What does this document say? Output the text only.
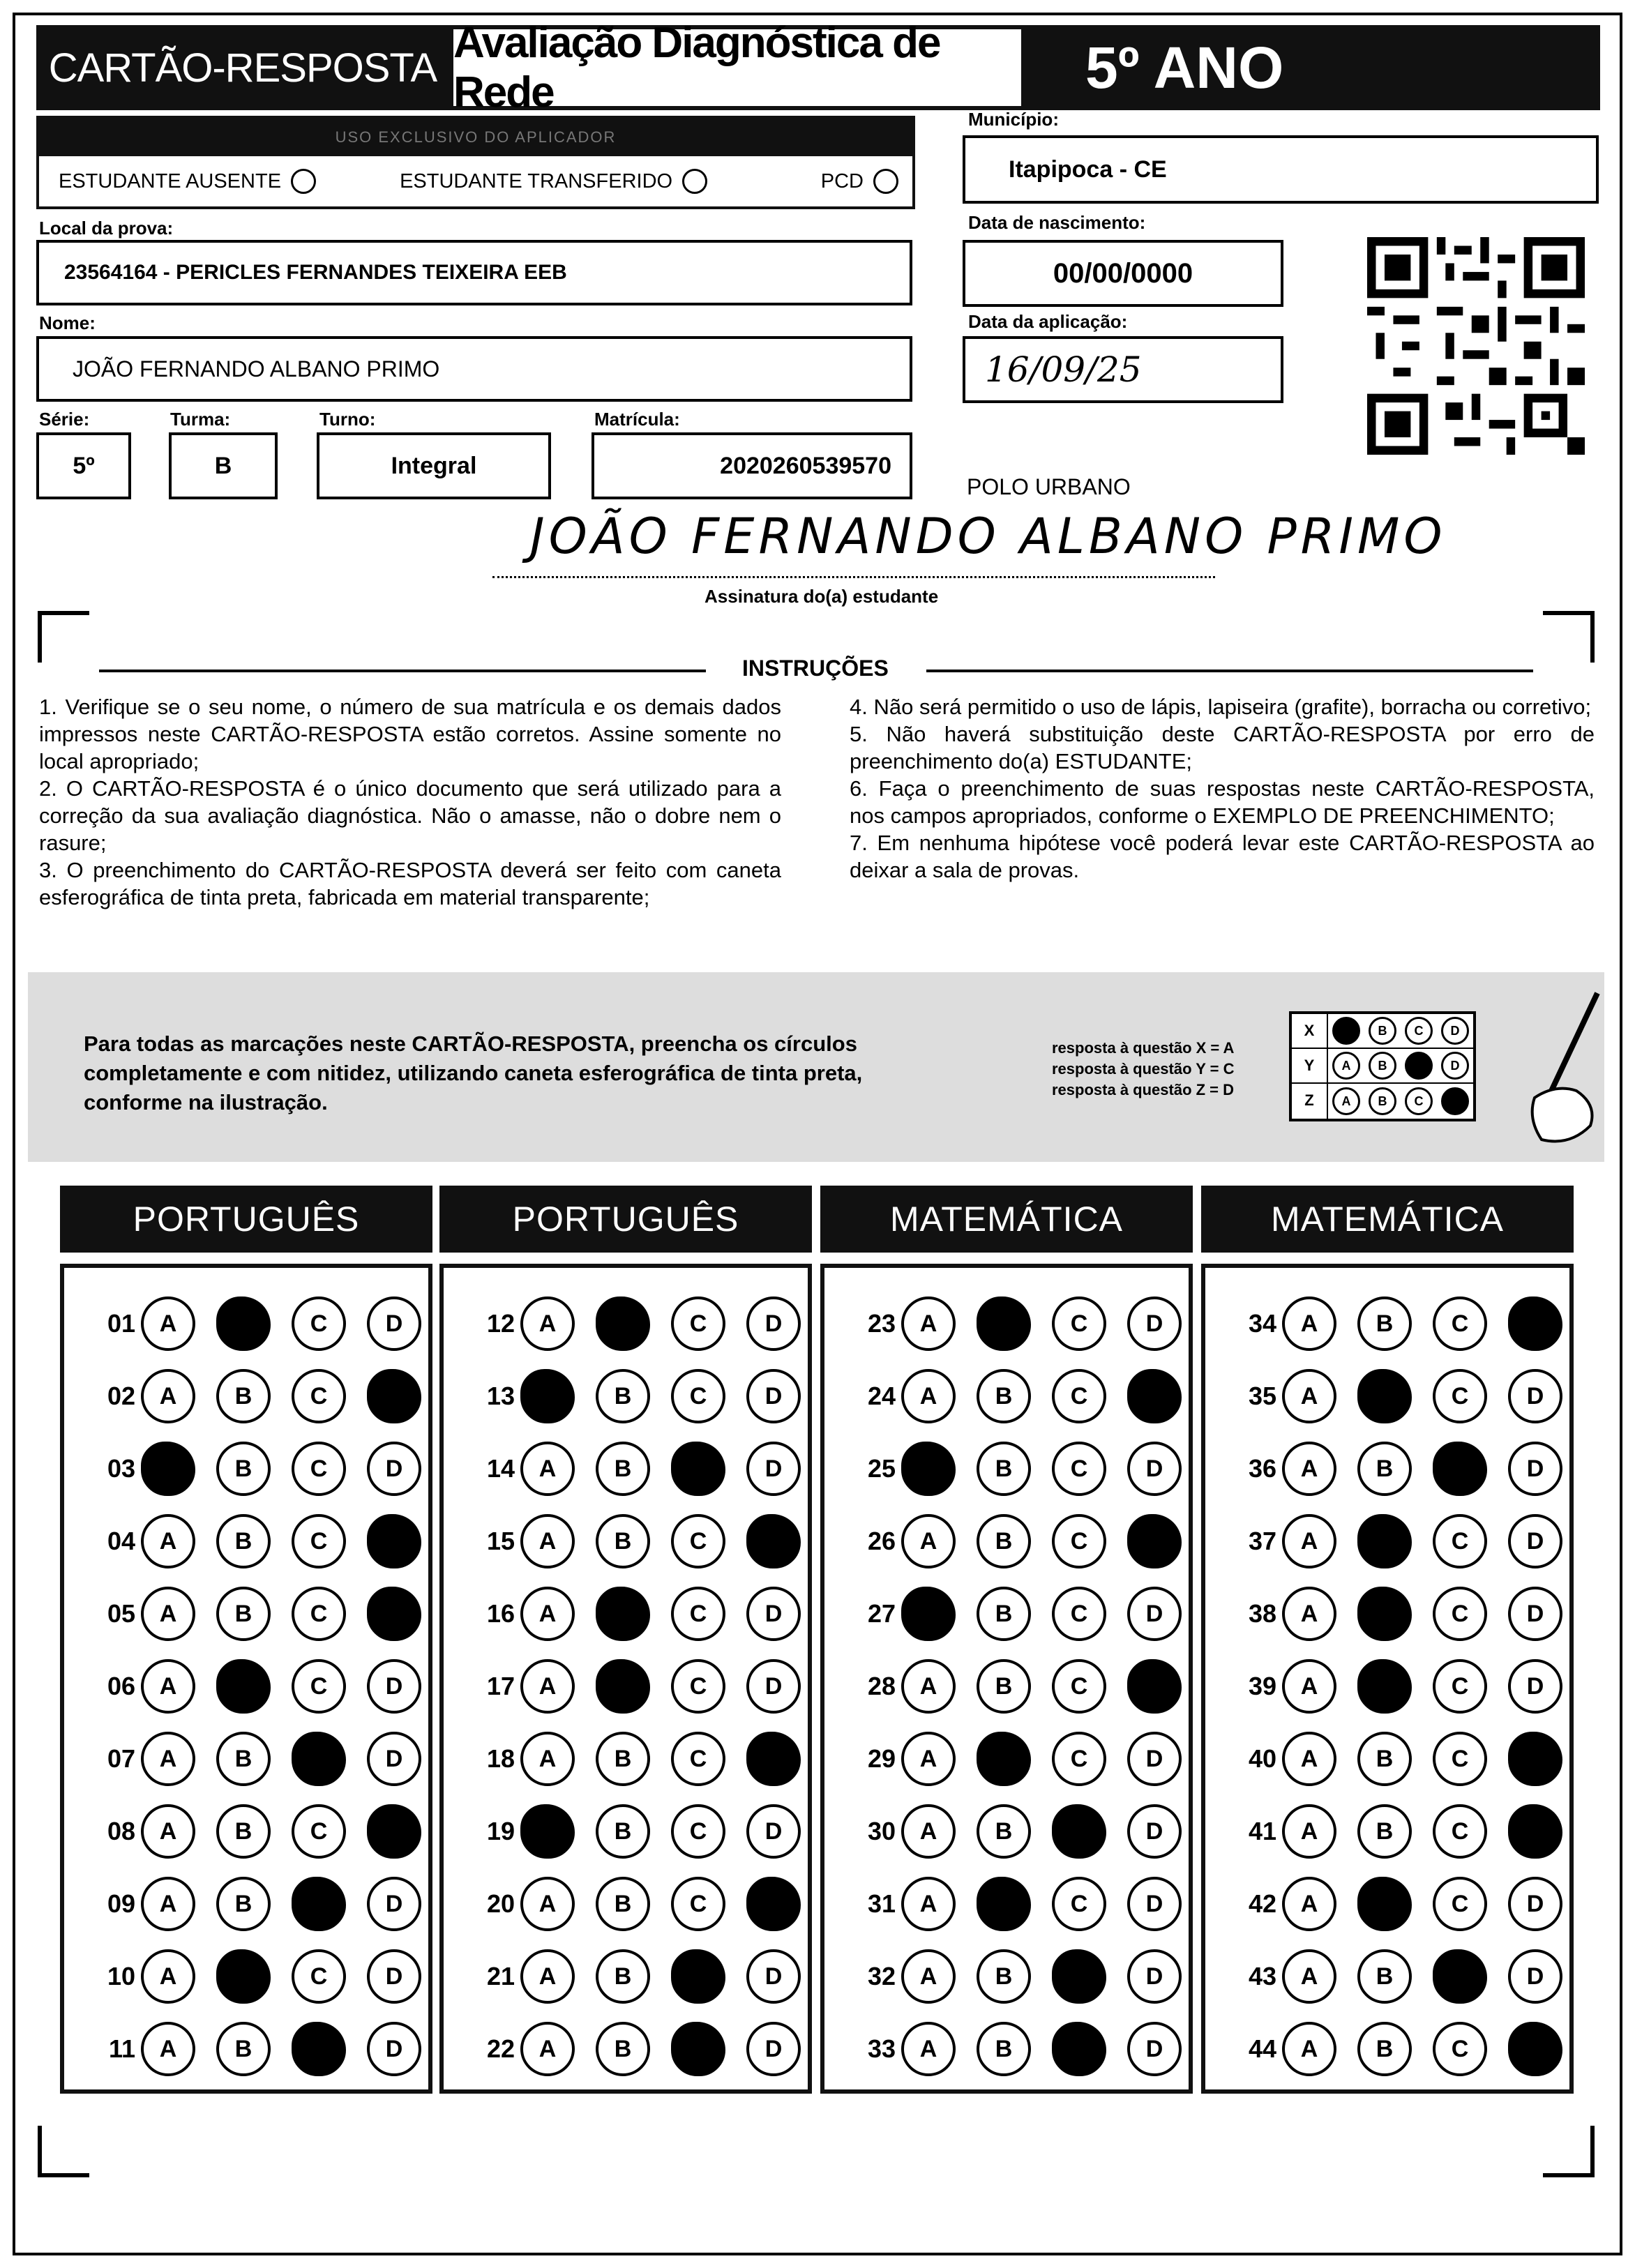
CARTÃO-RESPOSTA
Avaliação Diagnóstica de Rede	5º ANO
USO EXCLUSIVO DO APLICADOR
ESTUDANTE AUSENTE	ESTUDANTE TRANSFERIDO	PCD
Local da prova:
23564164 - PERICLES FERNANDES TEIXEIRA EEB
Nome:
JOÃO FERNANDO ALBANO PRIMO
Série:
5º
Turma:
B
Turno:
Integral
Matrícula:
2020260539570
Município:
Itapipoca - CE
Data de nascimento:
00/00/0000
Data da aplicação:
16/09/25
POLO URBANO
JOÃO FERNANDO ALBANO PRIMO
Assinatura do(a) estudante
INSTRUÇÕES
1. Verifique se o seu nome, o número de sua matrícula e os demais dados impressos neste CARTÃO-RESPOSTA estão corretos. Assine somente no local apropriado;
2. O CARTÃO-RESPOSTA é o único documento que será utilizado para a correção da sua avaliação diagnóstica. Não o amasse, não o dobre nem o rasure;
3. O preenchimento do CARTÃO-RESPOSTA deverá ser feito com caneta esferográfica de tinta preta, fabricada em material transparente;
4. Não será permitido o uso de lápis, lapiseira (grafite), borracha ou corretivo;
5. Não haverá substituição deste CARTÃO-RESPOSTA por erro de preenchimento do(a) ESTUDANTE;
6. Faça o preenchimento de suas respostas neste CARTÃO-RESPOSTA, nos campos apropriados, conforme o EXEMPLO DE PREENCHIMENTO;
7. Em nenhuma hipótese você poderá levar este CARTÃO-RESPOSTA ao deixar a sala de provas.
Para todas as marcações neste CARTÃO-RESPOSTA, preencha os círculos completamente e com nitidez, utilizando caneta esferográfica de tinta preta, conforme na ilustração.
resposta à questão X = A
resposta à questão Y = C
resposta à questão Z = D
X	A	B	C	D
Y	A	B	C	D
Z	A	B	C	D
PORTUGUÊS
01	A	B	C	D
02	A	B	C	D
03	A	B	C	D
04	A	B	C	D
05	A	B	C	D
06	A	B	C	D
07	A	B	C	D
08	A	B	C	D
09	A	B	C	D
10	A	B	C	D
11	A	B	C	D
PORTUGUÊS
12	A	B	C	D
13	A	B	C	D
14	A	B	C	D
15	A	B	C	D
16	A	B	C	D
17	A	B	C	D
18	A	B	C	D
19	A	B	C	D
20	A	B	C	D
21	A	B	C	D
22	A	B	C	D
MATEMÁTICA
23	A	B	C	D
24	A	B	C	D
25	A	B	C	D
26	A	B	C	D
27	A	B	C	D
28	A	B	C	D
29	A	B	C	D
30	A	B	C	D
31	A	B	C	D
32	A	B	C	D
33	A	B	C	D
MATEMÁTICA
34	A	B	C	D
35	A	B	C	D
36	A	B	C	D
37	A	B	C	D
38	A	B	C	D
39	A	B	C	D
40	A	B	C	D
41	A	B	C	D
42	A	B	C	D
43	A	B	C	D
44	A	B	C	D
